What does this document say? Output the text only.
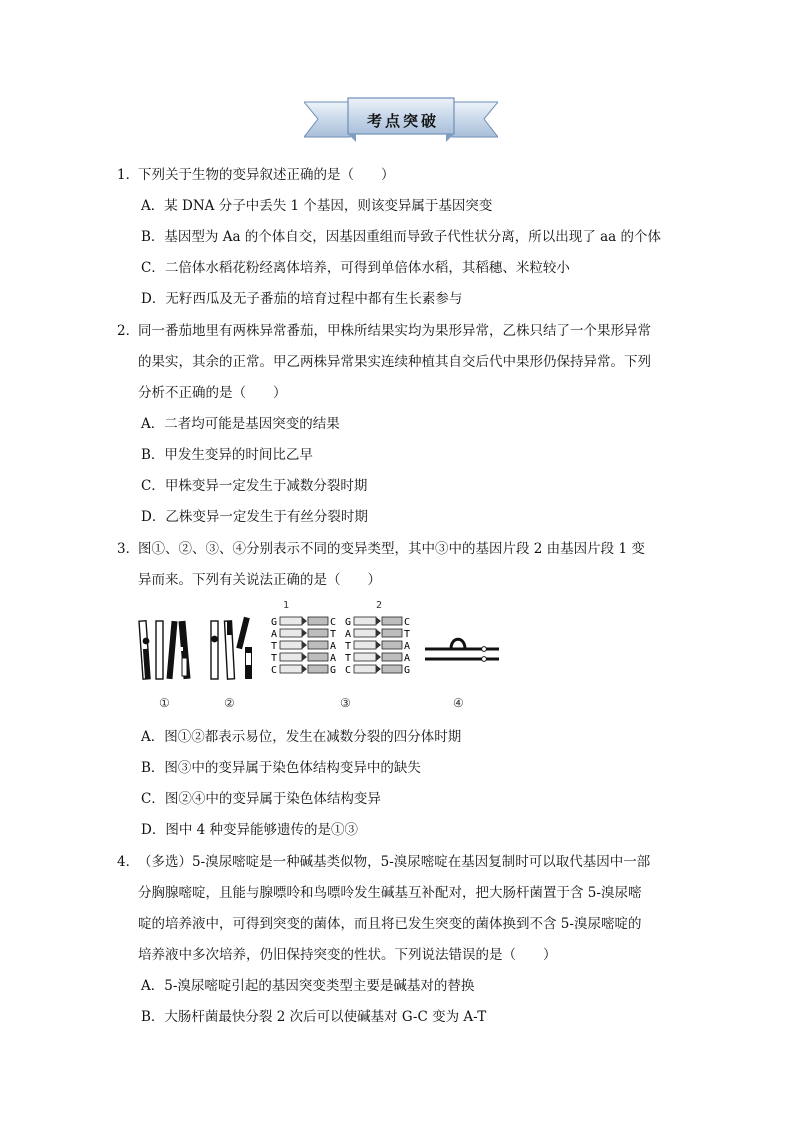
考点突破
1．
下列关于生物的变异叙述正确的是（　　）
A．某 DNA 分子中丢失 1 个基因，则该变异属于基因突变
B．基因型为 Aa 的个体自交，因基因重组而导致子代性状分离，所以出现了 aa 的个体
C．二倍体水稻花粉经离体培养，可得到单倍体水稻，其稻穗、米粒较小
D．无籽西瓜及无子番茄的培育过程中都有生长素参与
2．
同一番茄地里有两株异常番茄，甲株所结果实均为果形异常，乙株只结了一个果形异常
的果实，其余的正常。甲乙两株异常果实连续种植其自交后代中果形仍保持异常。下列
分析不正确的是（　　）
A．二者均可能是基因突变的结果
B．甲发生变异的时间比乙早
C．甲株变异一定发生于减数分裂时期
D．乙株变异一定发生于有丝分裂时期
3．
图①、②、③、④分别表示不同的变异类型，其中③中的基因片段 2 由基因片段 1 变
异而来。下列有关说法正确的是（　　）
G	C
A	T
T	A
T	A
C	G
G	C
A	T
T	A
T	A
C	G
1	2
①	②	③	④
A．图①②都表示易位，发生在减数分裂的四分体时期
B．图③中的变异属于染色体结构变异中的缺失
C．图②④中的变异属于染色体结构变异
D．图中 4 种变异能够遗传的是①③
4．
（多选）5-溴尿嘧啶是一种碱基类似物，5-溴尿嘧啶在基因复制时可以取代基因中一部
分胸腺嘧啶，且能与腺嘌呤和鸟嘌呤发生碱基互补配对，把大肠杆菌置于含 5-溴尿嘧
啶的培养液中，可得到突变的菌体，而且将已发生突变的菌体换到不含 5-溴尿嘧啶的
培养液中多次培养，仍旧保持突变的性状。下列说法错误的是（　　）
A．5-溴尿嘧啶引起的基因突变类型主要是碱基对的替换
B．大肠杆菌最快分裂 2 次后可以使碱基对 G-C 变为 A-T
